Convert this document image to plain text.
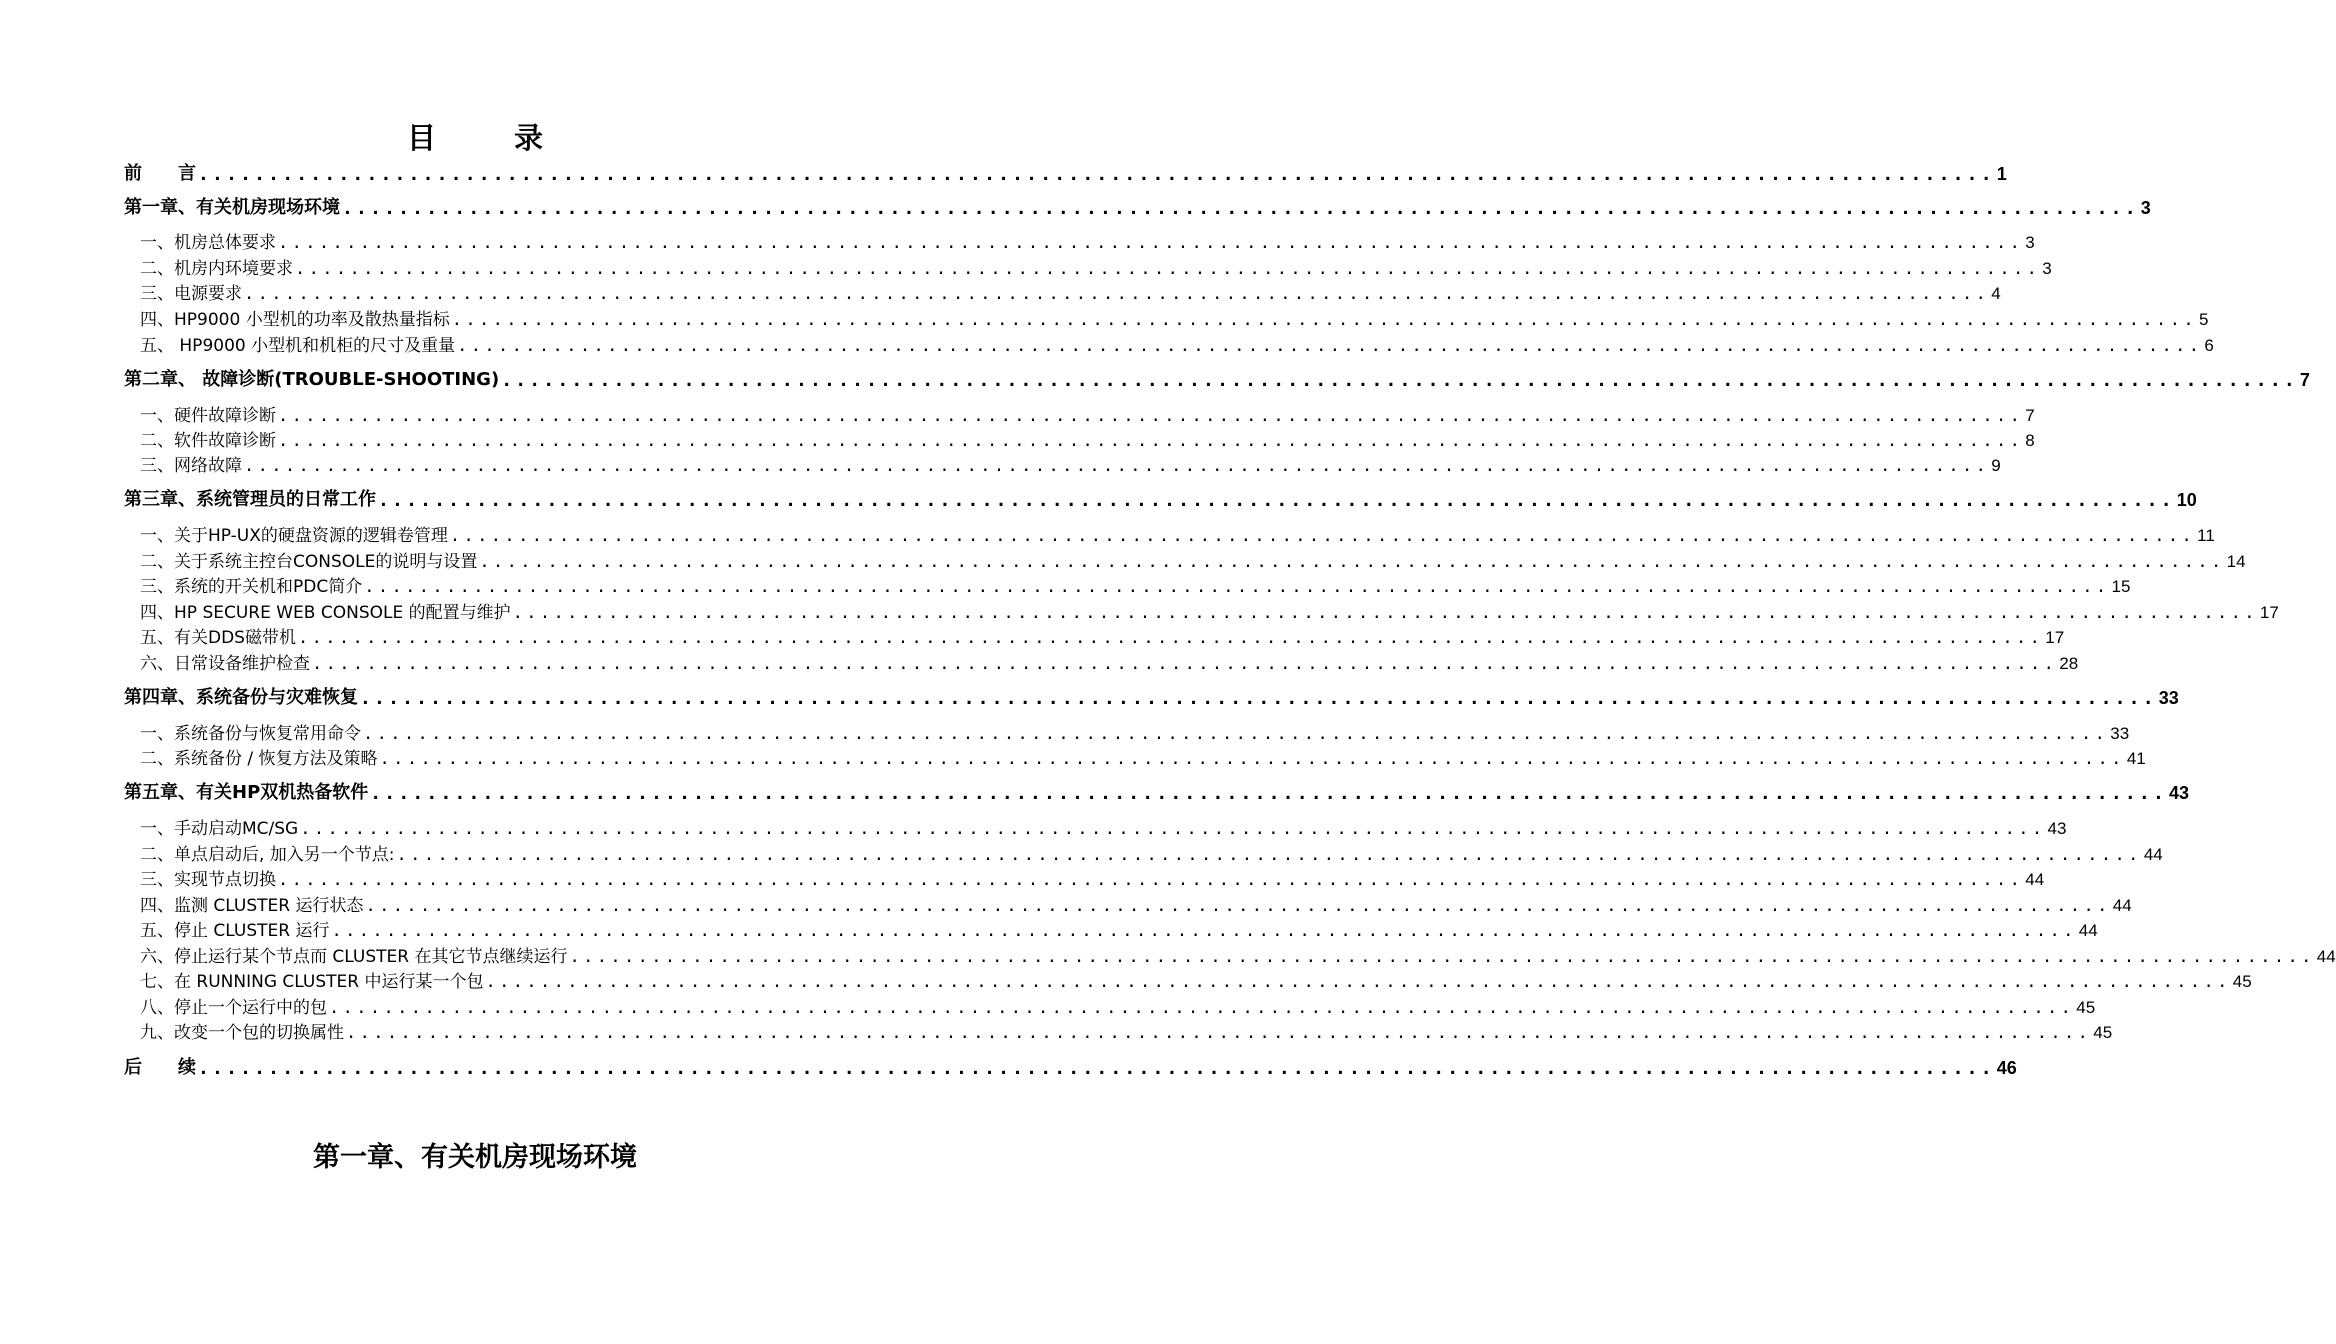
目 录
前　　言 ................................................................................................................................ 1
第一章、有关机房现场环境 ................................................................................................................................ 3
一、机房总体要求 ................................................................................................................................ 3
二、机房内环境要求 ................................................................................................................................ 3
三、电源要求 ................................................................................................................................ 4
四、HP9000 小型机的功率及散热量指标 ................................................................................................................................ 5
五、 HP9000 小型机和机柜的尺寸及重量 ................................................................................................................................ 6
第二章、 故障诊断(TROUBLE-SHOOTING) ................................................................................................................................ 7
一、硬件故障诊断 ................................................................................................................................ 7
二、软件故障诊断 ................................................................................................................................ 8
三、网络故障 ................................................................................................................................ 9
第三章、系统管理员的日常工作 ................................................................................................................................ 10
一、关于HP-UX的硬盘资源的逻辑卷管理 ................................................................................................................................ 11
二、关于系统主控台CONSOLE的说明与设置 ................................................................................................................................ 14
三、系统的开关机和PDC简介 ................................................................................................................................ 15
四、HP SECURE WEB CONSOLE 的配置与维护 ................................................................................................................................ 17
五、有关DDS磁带机 ................................................................................................................................ 17
六、日常设备维护检查 ................................................................................................................................ 28
第四章、系统备份与灾难恢复 ................................................................................................................................ 33
一、系统备份与恢复常用命令 ................................................................................................................................ 33
二、系统备份 / 恢复方法及策略 ................................................................................................................................ 41
第五章、有关HP双机热备软件 ................................................................................................................................ 43
一、手动启动MC/SG ................................................................................................................................ 43
二、单点启动后, 加入另一个节点: ................................................................................................................................ 44
三、实现节点切换 ................................................................................................................................ 44
四、监测 CLUSTER 运行状态 ................................................................................................................................ 44
五、停止 CLUSTER 运行 ................................................................................................................................ 44
六、停止运行某个节点而 CLUSTER 在其它节点继续运行 ................................................................................................................................ 44
七、在 RUNNING CLUSTER 中运行某一个包 ................................................................................................................................ 45
八、停止一个运行中的包 ................................................................................................................................ 45
九、改变一个包的切换属性 ................................................................................................................................ 45
后　　续 ................................................................................................................................ 46
第一章、有关机房现场环境
